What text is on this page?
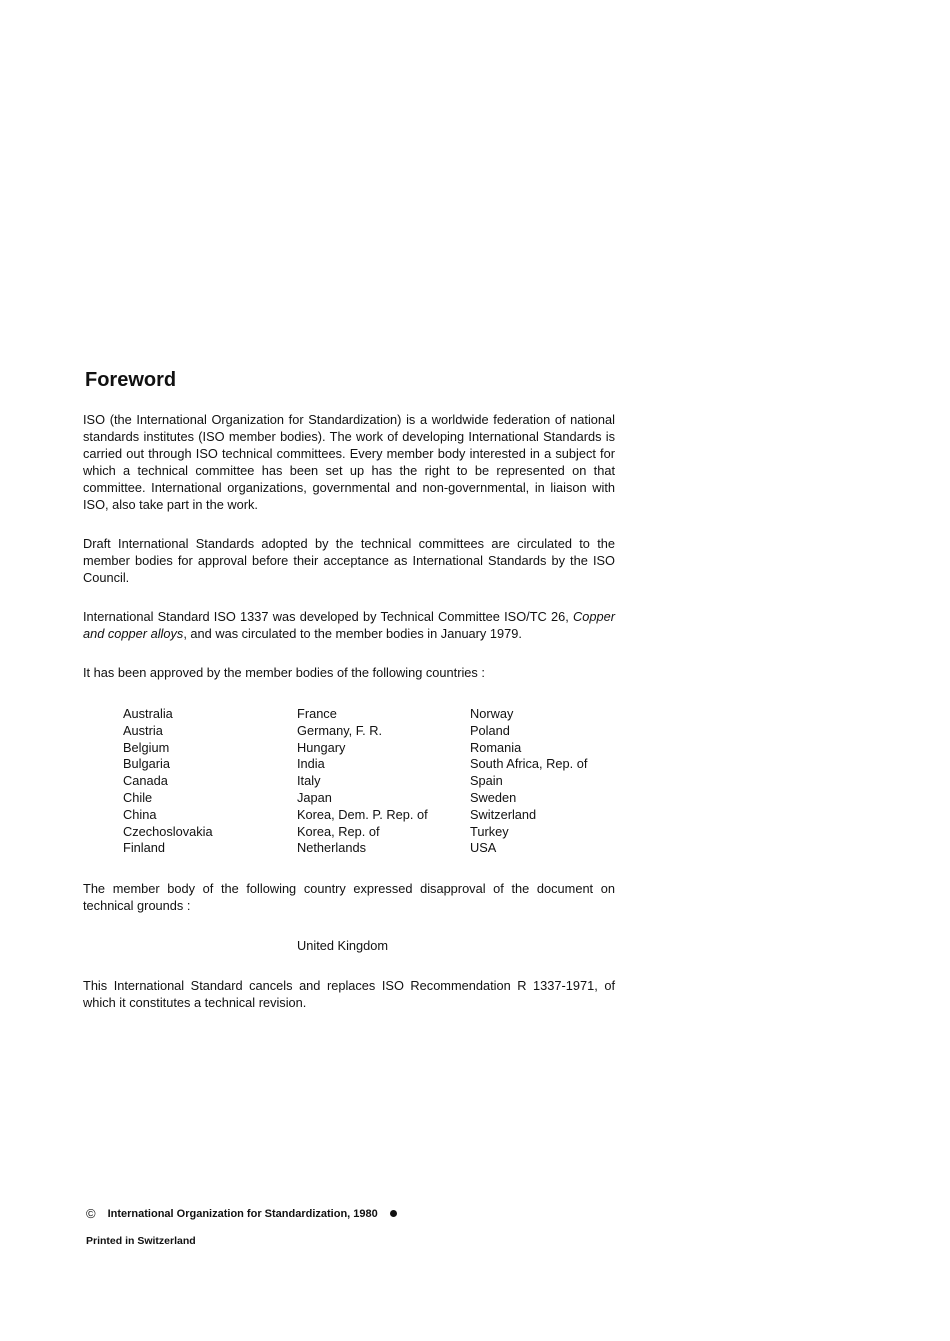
Foreword

ISO (the International Organization for Standardization) is a worldwide federation of national standards institutes (ISO member bodies). The work of developing International Standards is carried out through ISO technical committees. Every member body interested in a subject for which a technical committee has been set up has the right to be represented on that committee. International organizations, governmental and non-governmental, in liaison with ISO, also take part in the work.

Draft International Standards adopted by the technical committees are circulated to the member bodies for approval before their acceptance as International Standards by the ISO Council.

International Standard ISO 1337 was developed by Technical Committee ISO/TC 26, Copper and copper alloys, and was circulated to the member bodies in January 1979.

It has been approved by the member bodies of the following countries :

Australia
Austria
Belgium
Bulgaria
Canada
Chile
China
Czechoslovakia
Finland
France
Germany, F. R.
Hungary
India
Italy
Japan
Korea, Dem. P. Rep. of
Korea, Rep. of
Netherlands
Norway
Poland
Romania
South Africa, Rep. of
Spain
Sweden
Switzerland
Turkey
USA

The member body of the following country expressed disapproval of the document on technical grounds :

United Kingdom

This International Standard cancels and replaces ISO Recommendation R 1337-1971, of which it constitutes a technical revision.

© International Organization for Standardization, 1980
Printed in Switzerland
